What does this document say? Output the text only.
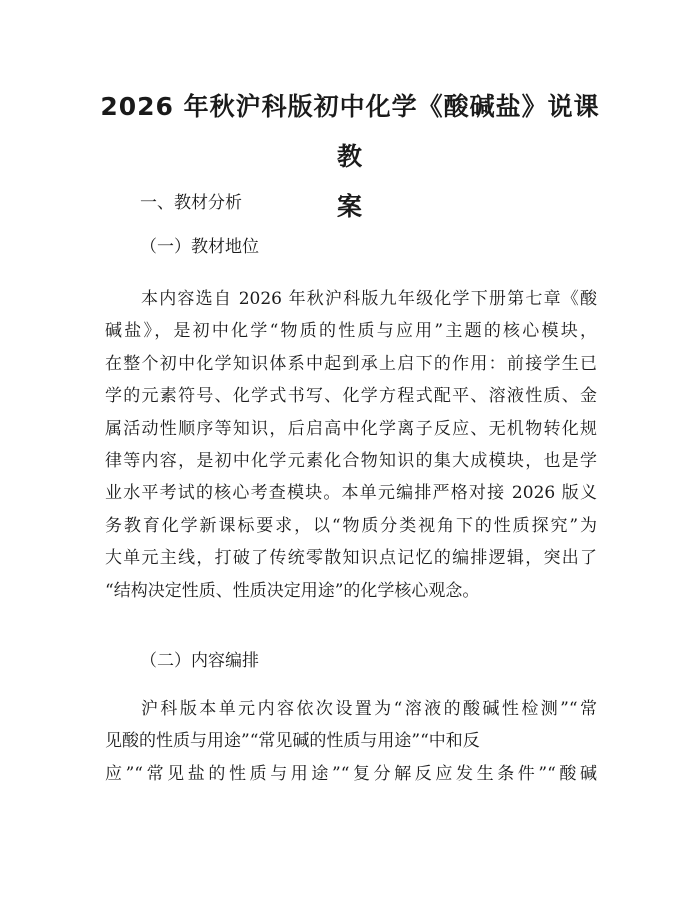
2026 年秋沪科版初中化学《酸碱盐》说课教
案
一、教材分析
（一）教材地位
本内容选自 2026 年秋沪科版九年级化学下册第七章《酸
碱盐》，是初中化学“物质的性质与应用”主题的核心模块，
在整个初中化学知识体系中起到承上启下的作用：前接学生已
学的元素符号、化学式书写、化学方程式配平、溶液性质、金
属活动性顺序等知识，后启高中化学离子反应、无机物转化规
律等内容，是初中化学元素化合物知识的集大成模块，也是学
业水平考试的核心考查模块。本单元编排严格对接 2026 版义
务教育化学新课标要求，以“物质分类视角下的性质探究”为
大单元主线，打破了传统零散知识点记忆的编排逻辑，突出了
“结构决定性质、性质决定用途”的化学核心观念。
（二）内容编排
沪科版本单元内容依次设置为“溶液的酸碱性检测”“常
见酸的性质与用途”“常见碱的性质与用途”“中和反
应”“常见盐的性质与用途”“复分解反应发生条件”“酸碱
